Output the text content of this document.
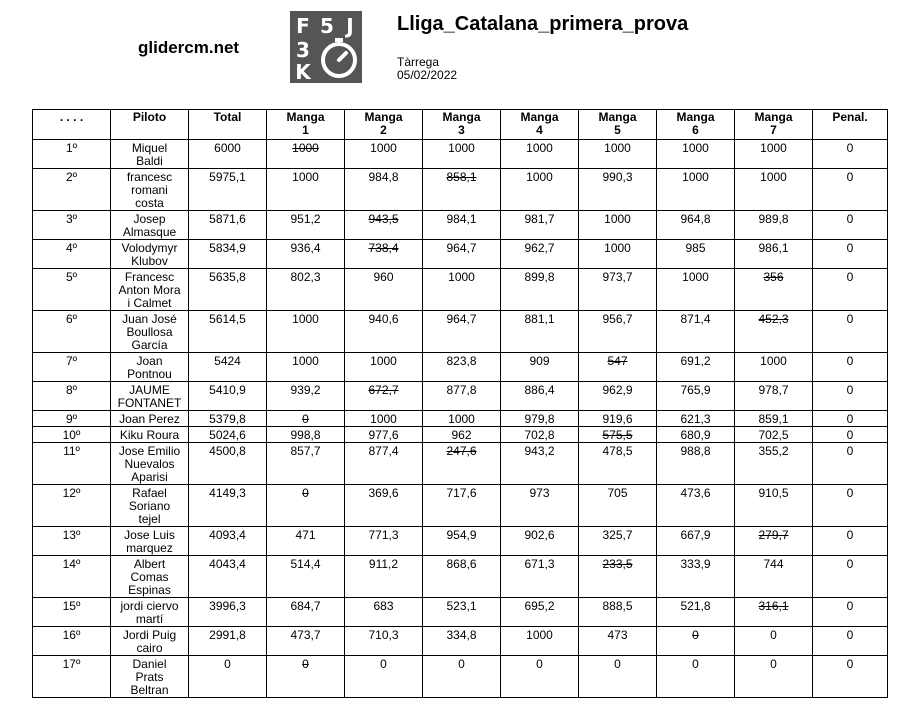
glidercm.net
F 5 J
3
K
Lliga_Catalana_primera_prova
Tàrrega
05/02/2022
. . . .	Piloto	Total	Manga
1	Manga
2	Manga
3	Manga
4	Manga
5	Manga
6	Manga
7	Penal.
1º	Miquel
Baldi	6000	1000	1000	1000	1000	1000	1000	1000	0
2º	francesc
romani
costa	5975,1	1000	984,8	858,1	1000	990,3	1000	1000	0
3º	Josep
Almasque	5871,6	951,2	943,5	984,1	981,7	1000	964,8	989,8	0
4º	Volodymyr
Klubov	5834,9	936,4	738,4	964,7	962,7	1000	985	986,1	0
5º	Francesc
Anton Mora
i Calmet	5635,8	802,3	960	1000	899,8	973,7	1000	356	0
6º	Juan José
Boullosa
García	5614,5	1000	940,6	964,7	881,1	956,7	871,4	452,3	0
7º	Joan
Pontnou	5424	1000	1000	823,8	909	547	691,2	1000	0
8º	JAUME
FONTANET	5410,9	939,2	672,7	877,8	886,4	962,9	765,9	978,7	0
9º	Joan Perez	5379,8	0	1000	1000	979,8	919,6	621,3	859,1	0
10º	Kiku Roura	5024,6	998,8	977,6	962	702,8	575,5	680,9	702,5	0
11º	Jose Emilio
Nuevalos
Aparisi	4500,8	857,7	877,4	247,6	943,2	478,5	988,8	355,2	0
12º	Rafael
Soriano
tejel	4149,3	0	369,6	717,6	973	705	473,6	910,5	0
13º	Jose Luis
marquez	4093,4	471	771,3	954,9	902,6	325,7	667,9	279,7	0
14º	Albert
Comas
Espinas	4043,4	514,4	911,2	868,6	671,3	233,5	333,9	744	0
15º	jordi ciervo
martí	3996,3	684,7	683	523,1	695,2	888,5	521,8	316,1	0
16º	Jordi Puig
cairo	2991,8	473,7	710,3	334,8	1000	473	0	0	0
17º	Daniel
Prats
Beltran	0	0	0	0	0	0	0	0	0
